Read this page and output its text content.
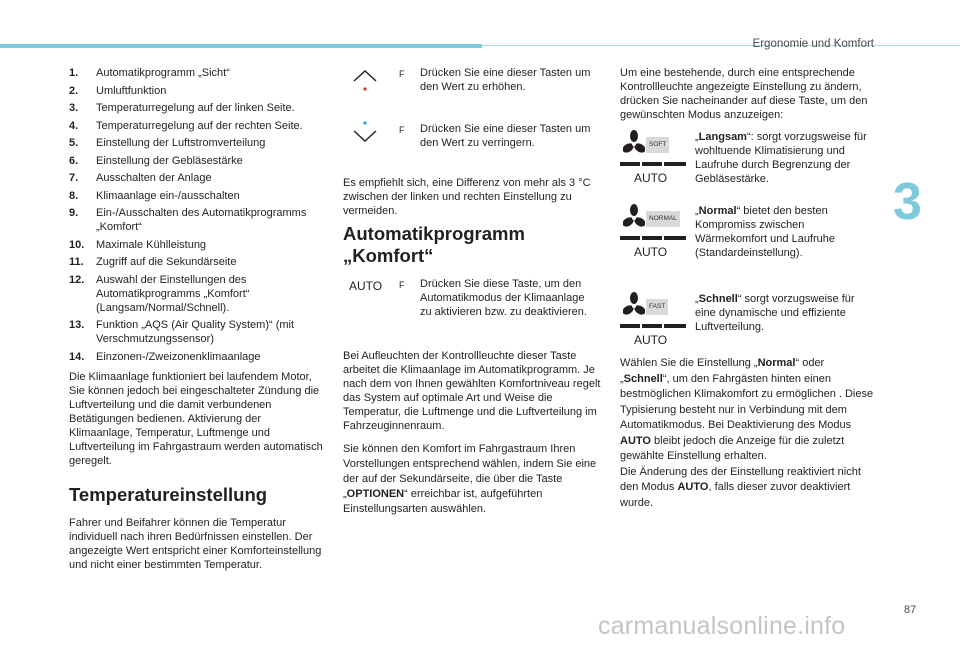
Ergonomie und Komfort
3
87
carmanualsonline.info
1. Automatikprogramm „Sicht“
2. Umluftfunktion
3. Temperaturregelung auf der linken Seite.
4. Temperaturregelung auf der rechten Seite.
5. Einstellung der Luftstromverteilung
6. Einstellung der Gebläsestärke
7. Ausschalten der Anlage
8. Klimaanlage ein-/ausschalten
9. Ein-/Ausschalten des Automatikprogramms „Komfort“
10. Maximale Kühlleistung
11. Zugriff auf die Sekundärseite
12. Auswahl der Einstellungen des Automatikprogramms „Komfort“ (Langsam/Normal/Schnell).
13. Funktion „AQS (Air Quality System)“ (mit Verschmutzungssensor)
14. Einzonen-/Zweizonenklimaanlage

Die Klimaanlage funktioniert bei laufendem Motor, Sie können jedoch bei eingeschalteter Zündung die Luftverteilung und die damit verbundenen Betätigungen bedienen. Aktivierung der Klimaanlage, Temperatur, Luftmenge und Luftverteilung im Fahrgastraum werden automatisch geregelt.

Temperatureinstellung

Fahrer und Beifahrer können die Temperatur individuell nach ihren Bedürfnissen einstellen. Der angezeigte Wert entspricht einer Komforteinstellung und nicht einer bestimmten Temperatur.

F Drücken Sie eine dieser Tasten um den Wert zu erhöhen.
F Drücken Sie eine dieser Tasten um den Wert zu verringern.

Es empfiehlt sich, eine Differenz von mehr als 3 °C zwischen der linken und rechten Einstellung zu vermeiden.

Automatikprogramm
„Komfort“

AUTO F Drücken Sie diese Taste, um den Automatikmodus der Klimaanlage zu aktivieren bzw. zu deaktivieren.

Bei Aufleuchten der Kontrollleuchte dieser Taste arbeitet die Klimaanlage im Automatikprogramm. Je nach dem von Ihnen gewählten Komfortniveau regelt das System auf optimale Art und Weise die Temperatur, die Luftmenge und die Luftverteilung im Fahrzeuginnenraum.

Sie können den Komfort im Fahrgastraum Ihren Vorstellungen entsprechend wählen, indem Sie eine der auf der Sekundärseite, die über die Taste „OPTIONEN“ erreichbar ist, aufgeführten Einstellungsarten auswählen.

Um eine bestehende, durch eine entsprechende Kontrollleuchte angezeigte Einstellung zu ändern, drücken Sie nacheinander auf diese Taste, um den gewünschten Modus anzuzeigen:

SOFT
AUTO
„Langsam“: sorgt vorzugsweise für wohltuende Klimatisierung und Laufruhe durch Begrenzung der Gebläsestärke.
NORMAL
AUTO
„Normal“ bietet den besten Kompromiss zwischen Wärmekomfort und Laufruhe (Standardeinstellung).
FAST
AUTO
„Schnell“ sorgt vorzugsweise für eine dynamische und effiziente Luftverteilung.

Wählen Sie die Einstellung „Normal“ oder „Schnell“, um den Fahrgästen hinten einen bestmöglichen Klimakomfort zu ermöglichen . Diese Typisierung besteht nur in Verbindung mit dem Automatikmodus. Bei Deaktivierung des Modus AUTO bleibt jedoch die Anzeige für die zuletzt gewählte Einstellung erhalten.

Die Änderung des der Einstellung reaktiviert nicht den Modus AUTO, falls dieser zuvor deaktiviert wurde.
